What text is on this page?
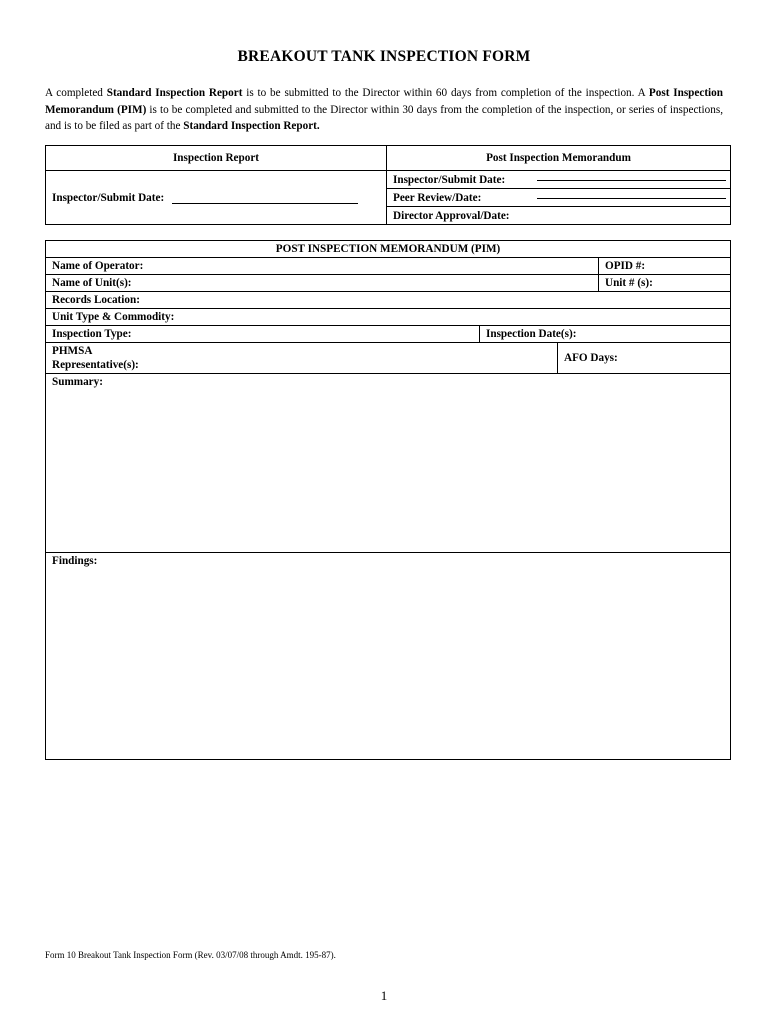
BREAKOUT TANK INSPECTION FORM
A completed Standard Inspection Report is to be submitted to the Director within 60 days from completion of the inspection. A Post Inspection Memorandum (PIM) is to be completed and submitted to the Director within 30 days from the completion of the inspection, or series of inspections, and is to be filed as part of the Standard Inspection Report.
Inspection Report	Post Inspection Memorandum
Inspector/Submit Date:	Inspector/Submit Date:
Peer Review/Date:
Director Approval/Date:
POST INSPECTION MEMORANDUM (PIM)			
Name of Operator:			OPID #:
Name of Unit(s):			Unit # (s):
Records Location:			
Unit Type & Commodity:			
Inspection Type:	Inspection Date(s):		

PHMSA
Representative(s):		AFO Days:	
Summary:			
Findings:			
Form 10 Breakout Tank Inspection Form (Rev. 03/07/08 through Amdt. 195-87).
1
